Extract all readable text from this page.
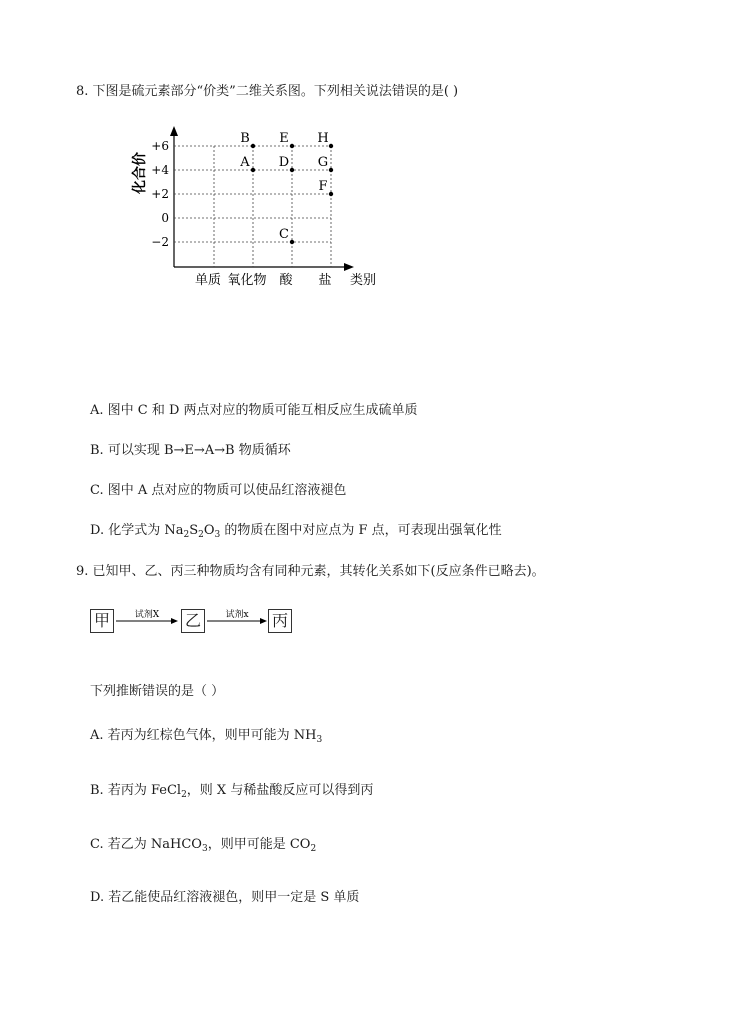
8. 下图是硫元素部分“价类”二维关系图。下列相关说法错误的是( )
化合价
类别
+6
+4
+2
0
−2
单质 氧化物 酸 盐
B
A
E
D
C
H
G
F
A. 图中 C 和 D 两点对应的物质可能互相反应生成硫单质
B. 可以实现 B→E→A→B 物质循环
C. 图中 A 点对应的物质可以使品红溶液褪色
D. 化学式为 $Na_2S_2O_3$ 的物质在图中对应点为 F 点，可表现出强氧化性
9. 已知甲、乙、丙三种物质均含有同种元素，其转化关系如下(反应条件已略去)。
甲	试剂X 乙	试剂x 丙
下列推断错误的是（ ）
A. 若丙为红棕色气体，则甲可能为 $NH_3$
B. 若丙为 FeCl$_2$，则 X 与稀盐酸反应可以得到丙
C. 若乙为 NaHCO$_3$，则甲可能是 $CO_2$
D. 若乙能使品红溶液褪色，则甲一定是 S 单质
